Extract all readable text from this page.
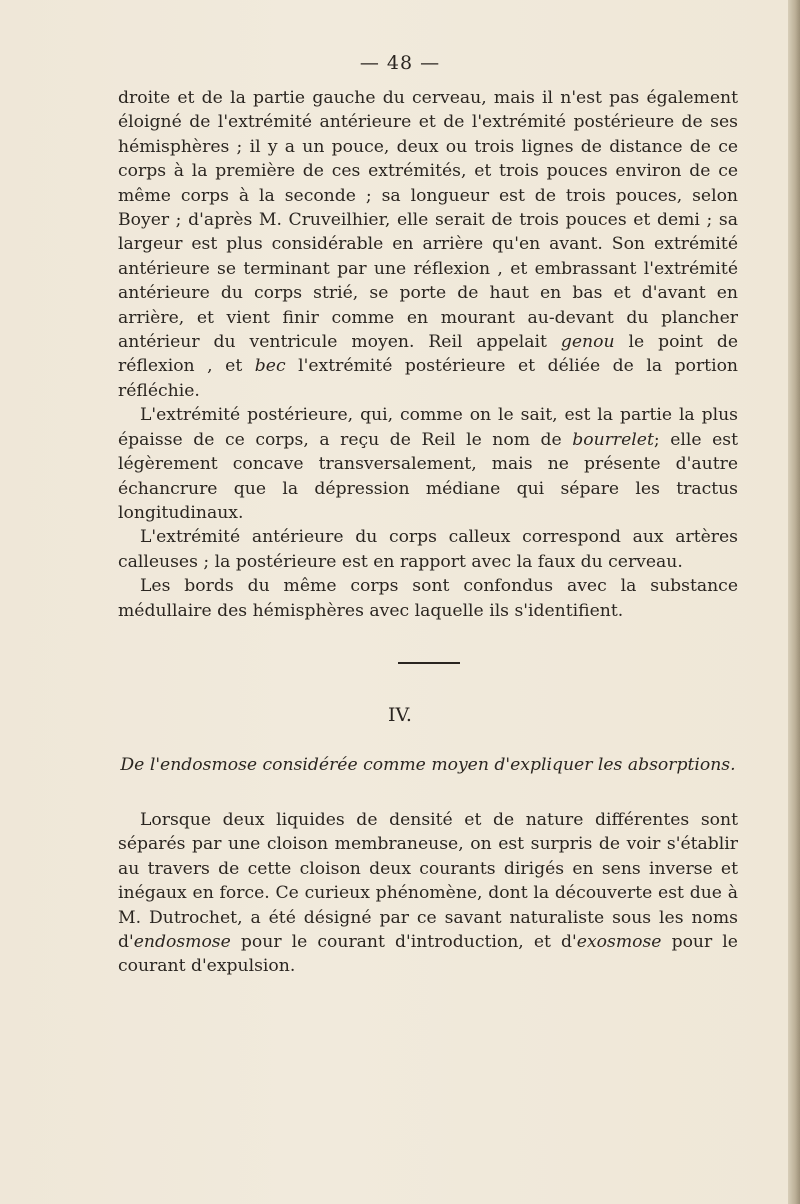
— 48 —

droite et de la partie gauche du cerveau, mais il n'est pas également éloigné de l'extrémité antérieure et de l'extrémité postérieure de ses hémisphères ; il y a un pouce, deux ou trois lignes de distance de ce corps à la première de ces extrémités, et trois pouces environ de ce même corps à la seconde ; sa longueur est de trois pouces, selon Boyer ; d'après M. Cruveilhier, elle serait de trois pouces et demi ; sa largeur est plus considérable en arrière qu'en avant. Son extrémité antérieure se terminant par une réflexion , et embrassant l'extrémité antérieure du corps strié, se porte de haut en bas et d'avant en arrière, et vient finir comme en mourant au-devant du plancher antérieur du ventricule moyen. Reil appelait genou le point de réflexion , et bec l'extrémité postérieure et déliée de la portion réfléchie.

L'extrémité postérieure, qui, comme on le sait, est la partie la plus épaisse de ce corps, a reçu de Reil le nom de bourrelet; elle est légèrement concave transversalement, mais ne présente d'autre échancrure que la dépression médiane qui sépare les tractus longitudinaux.

L'extrémité antérieure du corps calleux correspond aux artères calleuses ; la postérieure est en rapport avec la faux du cerveau.

Les bords du même corps sont confondus avec la substance médullaire des hémisphères avec laquelle ils s'identifient.

IV.
De l'endosmose considérée comme moyen d'expliquer les absorptions.

Lorsque deux liquides de densité et de nature différentes sont séparés par une cloison membraneuse, on est surpris de voir s'établir au travers de cette cloison deux courants dirigés en sens inverse et inégaux en force. Ce curieux phénomène, dont la découverte est due à M. Dutrochet, a été désigné par ce savant naturaliste sous les noms d'endosmose pour le courant d'introduction, et d'exosmose pour le courant d'expulsion.
